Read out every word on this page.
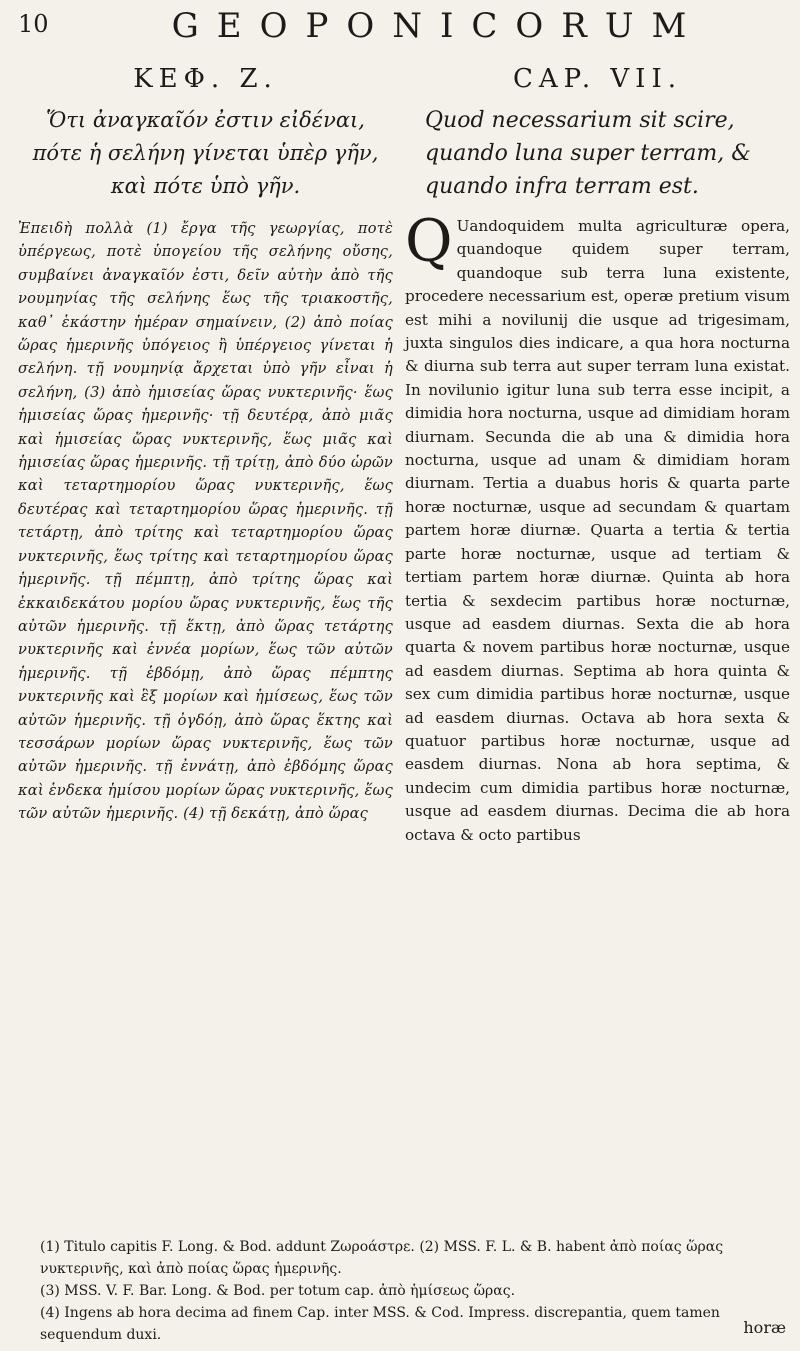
10	GEOPONICORUM

ΚΕΦ. Ζ.

Ὅτι ἀναγκαῖόν ἐστιν εἰδέναι, πότε ἡ σελήνη γίνεται ὑπὲρ γῆν, καὶ πότε ὑπὸ γῆν.

Ἐπειδὴ πολλὰ (1) ἔργα τῆς γεωργίας, ποτὲ ὑπέργεως, ποτὲ ὑπογείου τῆς σελήνης οὔσης, συμβαίνει ἀναγκαῖόν ἐστι, δεῖν αὐτὴν ἀπὸ τῆς νουμηνίας τῆς σελήνης ἕως τῆς τριακοστῆς, καθ᾽ ἑκάστην ἡμέραν σημαίνειν, (2) ἀπὸ ποίας ὥρας ἡμερινῆς ὑπόγειος ἢ ὑπέργειος γίνεται ἡ σελήνη. τῇ νουμηνίᾳ ἄρχεται ὑπὸ γῆν εἶναι ἡ σελήνη, (3) ἀπὸ ἡμισείας ὥρας νυκτερινῆς· ἕως ἡμισείας ὥρας ἡμερινῆς· τῇ δευτέρᾳ, ἀπὸ μιᾶς καὶ ἡμισείας ὥρας νυκτερινῆς, ἕως μιᾶς καὶ ἡμισείας ὥρας ἡμερινῆς. τῇ τρίτῃ, ἀπὸ δύο ὡρῶν καὶ τεταρτημορίου ὥρας νυκτερινῆς, ἕως δευτέρας καὶ τεταρτημορίου ὥρας ἡμερινῆς. τῇ τετάρτῃ, ἀπὸ τρίτης καὶ τεταρτημορίου ὥρας νυκτερινῆς, ἕως τρίτης καὶ τεταρτημορίου ὥρας ἡμερινῆς. τῇ πέμπτῃ, ἀπὸ τρίτης ὥρας καὶ ἑκκαιδεκάτου μορίου ὥρας νυκτερινῆς, ἕως τῆς αὐτῶν ἡμερινῆς. τῇ ἕκτῃ, ἀπὸ ὥρας τετάρτης νυκτερινῆς καὶ ἐννέα μορίων, ἕως τῶν αὐτῶν ἡμερινῆς. τῇ ἑβδόμῃ, ἀπὸ ὥρας πέμπτης νυκτερινῆς καὶ ἓξ μορίων καὶ ἡμίσεως, ἕως τῶν αὐτῶν ἡμερινῆς. τῇ ὀγδόῃ, ἀπὸ ὥρας ἕκτης καὶ τεσσάρων μορίων ὥρας νυκτερινῆς, ἕως τῶν αὐτῶν ἡμερινῆς. τῇ ἐννάτῃ, ἀπὸ ἑβδόμης ὥρας καὶ ἑνδεκα ἡμίσου μορίων ὥρας νυκτερινῆς, ἕως τῶν αὐτῶν ἡμερινῆς. (4) τῇ δεκάτῃ, ἀπὸ ὥρας

CAP. VII.

Quod necessarium sit scire, quando luna super terram, & quando infra terram est.

Q Uandoquidem multa agriculturæ opera, quandoque quidem super terram, quandoque sub terra luna existente, procedere necessarium est, operæ pretium visum est mihi a novilunij die usque ad trigesimam, juxta singulos dies indicare, a qua hora nocturna & diurna sub terra aut super terram luna existat. In novilunio igitur luna sub terra esse incipit, a dimidia hora nocturna, usque ad dimidiam horam diurnam. Secunda die ab una & dimidia hora nocturna, usque ad unam & dimidiam horam diurnam. Tertia a duabus horis & quarta parte horæ nocturnæ, usque ad secundam & quartam partem horæ diurnæ. Quarta a tertia & tertia parte horæ nocturnæ, usque ad tertiam & tertiam partem horæ diurnæ. Quinta ab hora tertia & sexdecim partibus horæ nocturnæ, usque ad easdem diurnas. Sexta die ab hora quarta & novem partibus horæ nocturnæ, usque ad easdem diurnas. Septima ab hora quinta & sex cum dimidia partibus horæ nocturnæ, usque ad easdem diurnas. Octava ab hora sexta & quatuor partibus horæ nocturnæ, usque ad easdem diurnas. Nona ab hora septima, & undecim cum dimidia partibus horæ nocturnæ, usque ad easdem diurnas. Decima die ab hora octava & octo partibus

(1) Titulo capitis F. Long. & Bod. addunt Ζωροάστρε. (2) MSS. F. L. & B. habent ἀπὸ ποίας ὥρας νυκτερινῆς, καὶ ἀπὸ ποίας ὥρας ἡμερινῆς.

(3) MSS. V. F. Bar. Long. & Bod. per totum cap. ἀπὸ ἡμίσεως ὥρας.

(4) Ingens ab hora decima ad finem Cap. inter MSS. & Cod. Impress. discrepantia, quem tamen sequendum duxi.	horæ
